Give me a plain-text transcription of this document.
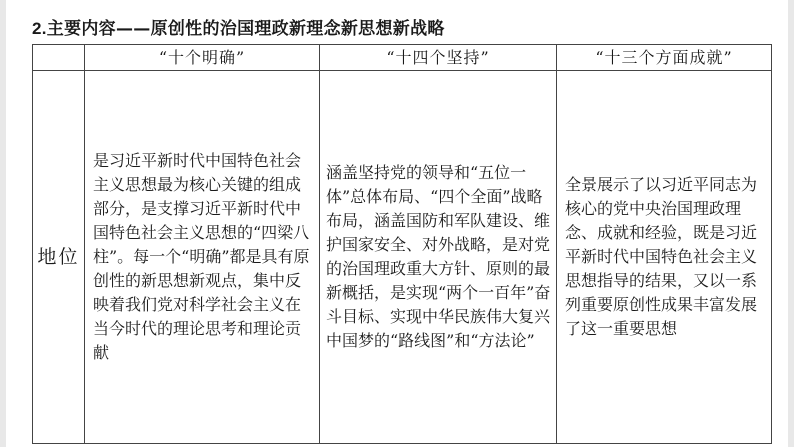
2.主要内容——原创性的治国理政新理念新思想新战略
	“十个明确”	“十四个坚持”	“十三个方面成就”
地位	是习近平新时代中国特色社会主义思想最为核心关键的组成部分，是支撑习近平新时代中国特色社会主义思想的“四梁八柱”。每一个“明确”都是具有原创性的新思想新观点，集中反映着我们党对科学社会主义在当今时代的理论思考和理论贡献	涵盖坚持党的领导和“五位一体”总体布局、“四个全面”战略布局，涵盖国防和军队建设、维护国家安全、对外战略，是对党的治国理政重大方针、原则的最新概括，是实现“两个一百年”奋斗目标、实现中华民族伟大复兴中国梦的“路线图”和“方法论”	全景展示了以习近平同志为核心的党中央治国理政理念、成就和经验，既是习近平新时代中国特色社会主义思想指导的结果，又以一系列重要原创性成果丰富发展了这一重要思想
